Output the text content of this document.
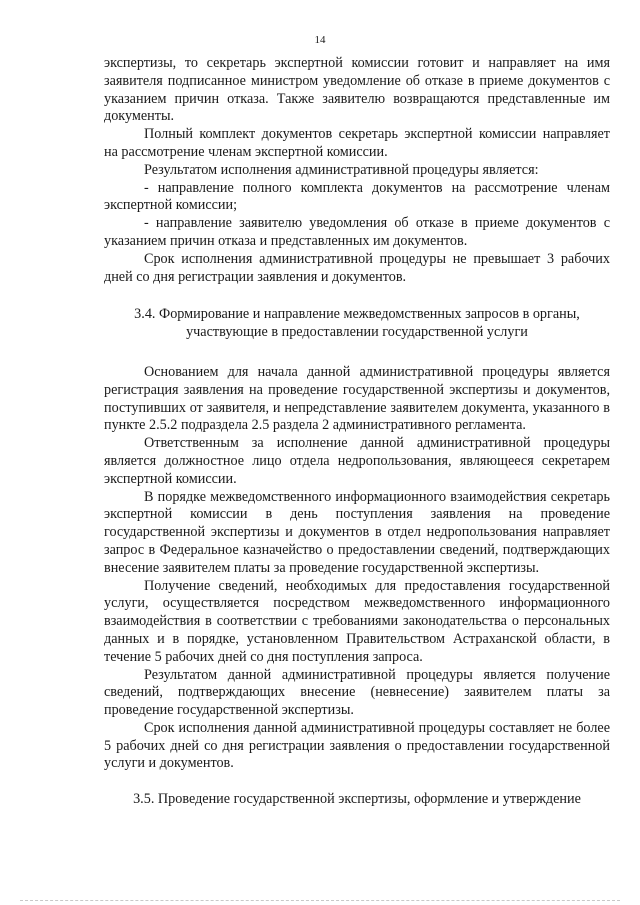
14

экспертизы, то секретарь экспертной комиссии готовит и направляет на имя заявителя подписанное министром уведомление об отказе в приеме документов с указанием причин отказа. Также заявителю возвращаются представленные им документы.

Полный комплект документов секретарь экспертной комиссии направляет на рассмотрение членам экспертной комиссии.

Результатом исполнения административной процедуры является:

- направление полного комплекта документов на рассмотрение членам экспертной комиссии;

- направление заявителю уведомления об отказе в приеме документов с указанием причин отказа и представленных им документов.

Срок исполнения административной процедуры не превышает 3 рабочих дней со дня регистрации заявления и документов.

3.4. Формирование и направление межведомственных запросов в органы, участвующие в предоставлении государственной услуги

Основанием для начала данной административной процедуры является регистрация заявления на проведение государственной экспертизы и документов, поступивших от заявителя, и непредставление заявителем документа, указанного в пункте 2.5.2 подраздела 2.5 раздела 2 административного регламента.

Ответственным за исполнение данной административной процедуры является должностное лицо отдела недропользования, являющееся секретарем экспертной комиссии.

В порядке межведомственного информационного взаимодействия секретарь экспертной комиссии в день поступления заявления на проведение государственной экспертизы и документов в отдел недропользования направляет запрос в Федеральное казначейство о предоставлении сведений, подтверждающих внесение заявителем платы за проведение государственной экспертизы.

Получение сведений, необходимых для предоставления государственной услуги, осуществляется посредством межведомственного информационного взаимодействия в соответствии с требованиями законодательства о персональных данных и в порядке, установленном Правительством Астраханской области, в течение 5 рабочих дней со дня поступления запроса.

Результатом данной административной процедуры является получение сведений, подтверждающих внесение (невнесение) заявителем платы за проведение государственной экспертизы.

Срок исполнения данной административной процедуры составляет не более 5 рабочих дней со дня регистрации заявления о предоставлении государственной услуги и документов.

3.5. Проведение государственной экспертизы, оформление и утверждение
